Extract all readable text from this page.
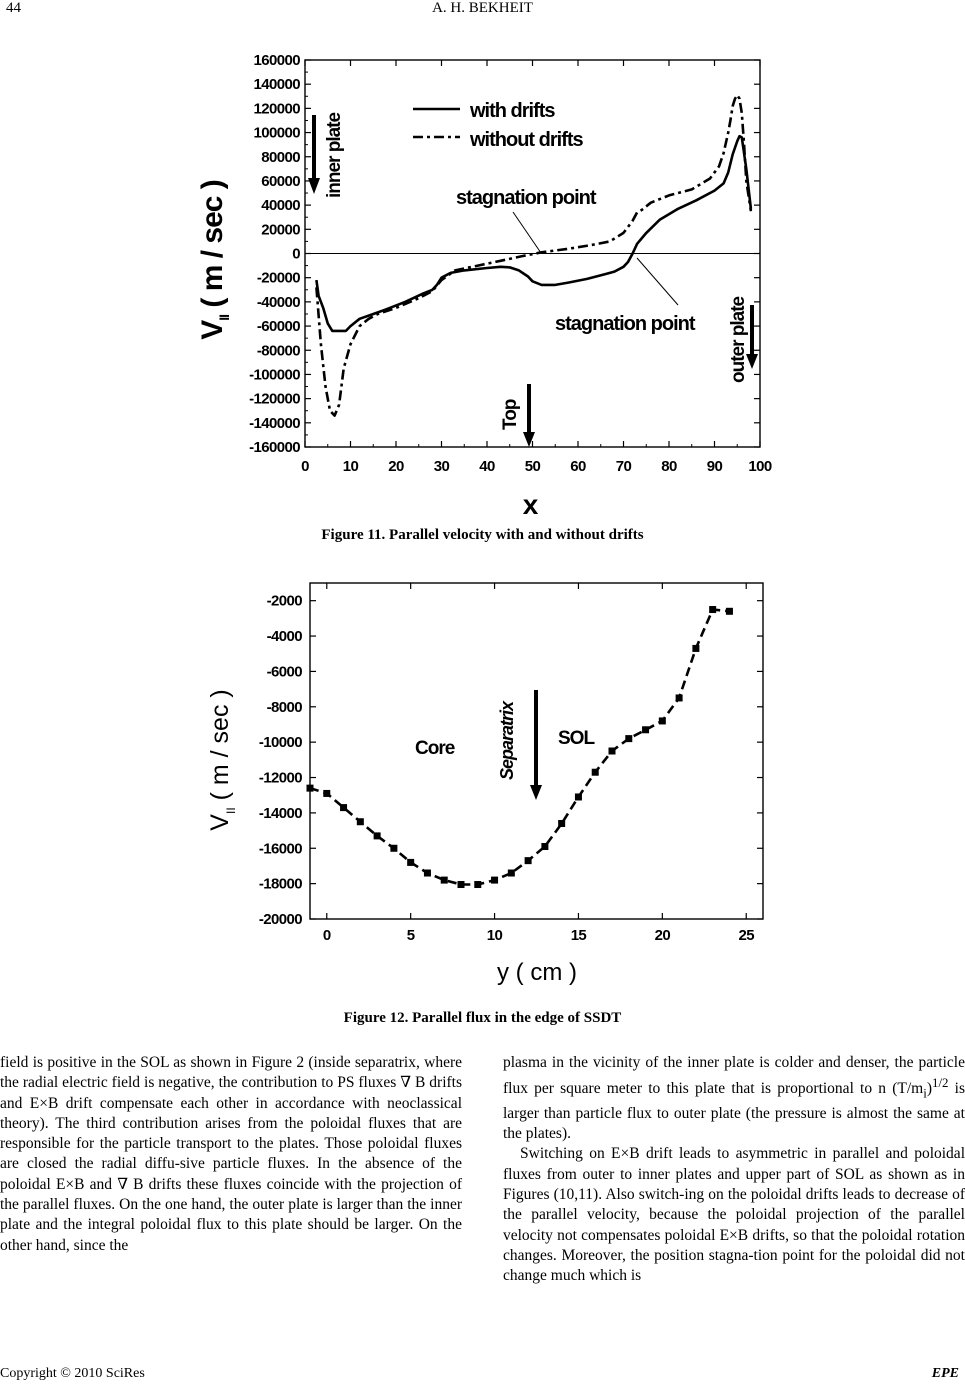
44	A. H. BEKHEIT
0 10 20 30 40 50 60 70 80 90 100
-160000
-140000
-120000
-100000
-80000
-60000
-40000
-20000
0
20000
40000
60000
80000
100000
120000
140000
160000
$V_{II}$ ( m / sec )
x
inner plate
outer plate
Top
with drifts
without drifts
stagnation point
stagnation point
Figure 11. Parallel velocity with and without drifts
0	5	10	15	20	25
-20000
-18000
-16000
-14000
-12000
-10000
-8000
-6000
-4000
-2000
$V_{II}$ ( m / sec )
y ( cm )
Core	SOL
Separatrix
Figure 12. Parallel flux in the edge of SSDT

field is positive in the SOL as shown in Figure 2 (inside separatrix, where the radial electric field is negative, the contribution to PS fluxes ∇ B drifts and E×B drift compensate each other in accordance with neoclassical theory). The third contribution arises from the poloidal fluxes that are responsible for the particle transport to the plates. Those poloidal fluxes are closed the radial diffu-sive particle fluxes. In the absence of the poloidal E×B and ∇ B drifts these fluxes coincide with the projection of the parallel fluxes. On the one hand, the outer plate is larger than the inner plate and the integral poloidal flux to this plate should be larger. On the other hand, since the

plasma in the vicinity of the inner plate is colder and denser, the particle flux per square meter to this plate that is proportional to n $(T/m_i)^{1/2}$ is larger than particle flux to outer plate (the pressure is almost the same at the plates).

Switching on E×B drift leads to asymmetric in parallel and poloidal fluxes from outer to inner plates and upper part of SOL as shown as in Figures (10,11). Also switch-ing on the poloidal drifts leads to decrease of the parallel velocity, because the poloidal projection of the parallel velocity not compensates poloidal E×B drifts, so that the poloidal rotation changes. Moreover, the position stagna-tion point for the poloidal did not change much which is

Copyright © 2010 SciRes	EPE
